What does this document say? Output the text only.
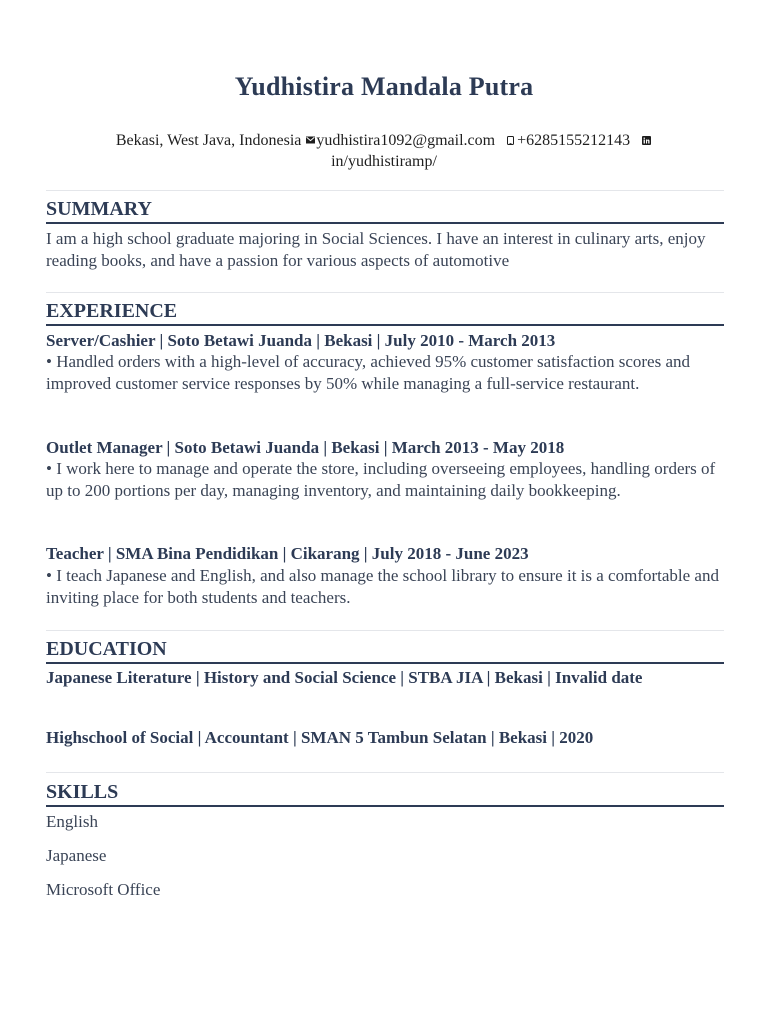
Yudhistira Mandala Putra
Bekasi, West Java, Indonesia yudhistira1092@gmail.com +6285155212143

in/yudhistiramp/
SUMMARY
I am a high school graduate majoring in Social Sciences. I have an interest in culinary arts, enjoy reading books, and have a passion for various aspects of automotive
EXPERIENCE
Server/Cashier | Soto Betawi Juanda | Bekasi | July 2010 - March 2013
• Handled orders with a high-level of accuracy, achieved 95% customer satisfaction scores and improved customer service responses by 50% while managing a full-service restaurant.
Outlet Manager | Soto Betawi Juanda | Bekasi | March 2013 - May 2018
• I work here to manage and operate the store, including overseeing employees, handling orders of up to 200 portions per day, managing inventory, and maintaining daily bookkeeping.
Teacher | SMA Bina Pendidikan | Cikarang | July 2018 - June 2023
• I teach Japanese and English, and also manage the school library to ensure it is a comfortable and inviting place for both students and teachers.
EDUCATION
Japanese Literature | History and Social Science | STBA JIA | Bekasi | Invalid date
Highschool of Social | Accountant | SMAN 5 Tambun Selatan | Bekasi | 2020
SKILLS
English
Japanese
Microsoft Office
